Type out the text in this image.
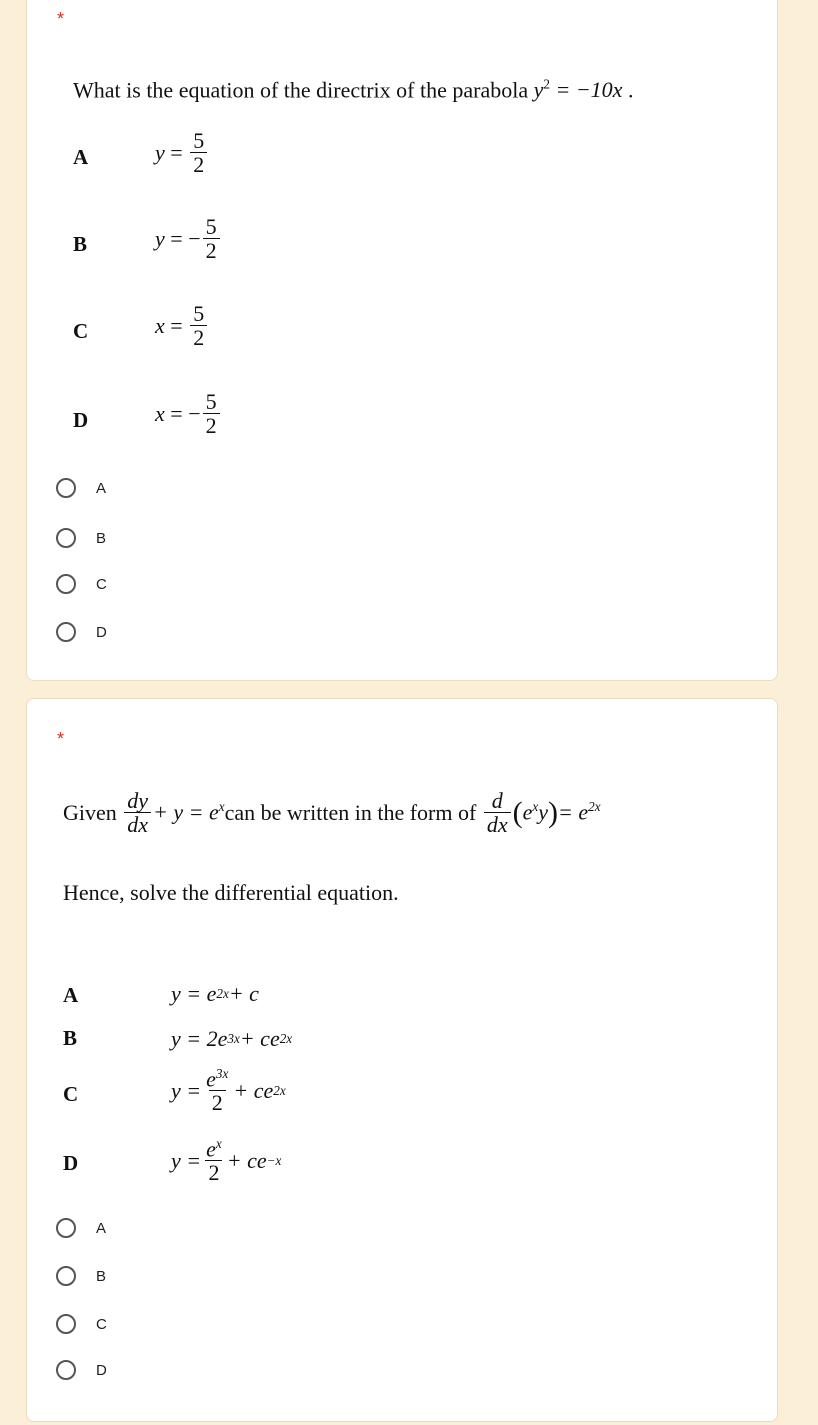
*
What is the equation of the directrix of the parabola $y^2 = -10x$ .
A	$y = \frac{5}{2}$
B	y = − $\frac{5}{2}$
C	$x = \frac{5}{2}$
D	x = − $\frac{5}{2}$
A
B
C
D
*
Given
$\frac{dy}{dx} + y = e^x$ can be written in the form of
$\frac{d}{dx}$ ( $e^xy$ ) = $e^{2x}$
Hence, solve the differential equation.
A	y = e 2x + c
B	y = 2e 3x + ce 2x
C	$y = \frac{e^{3x}}{2}$ + ce 2x
D	$y = \frac{e^x}{2}$ + ce −x
A
B
C
D
